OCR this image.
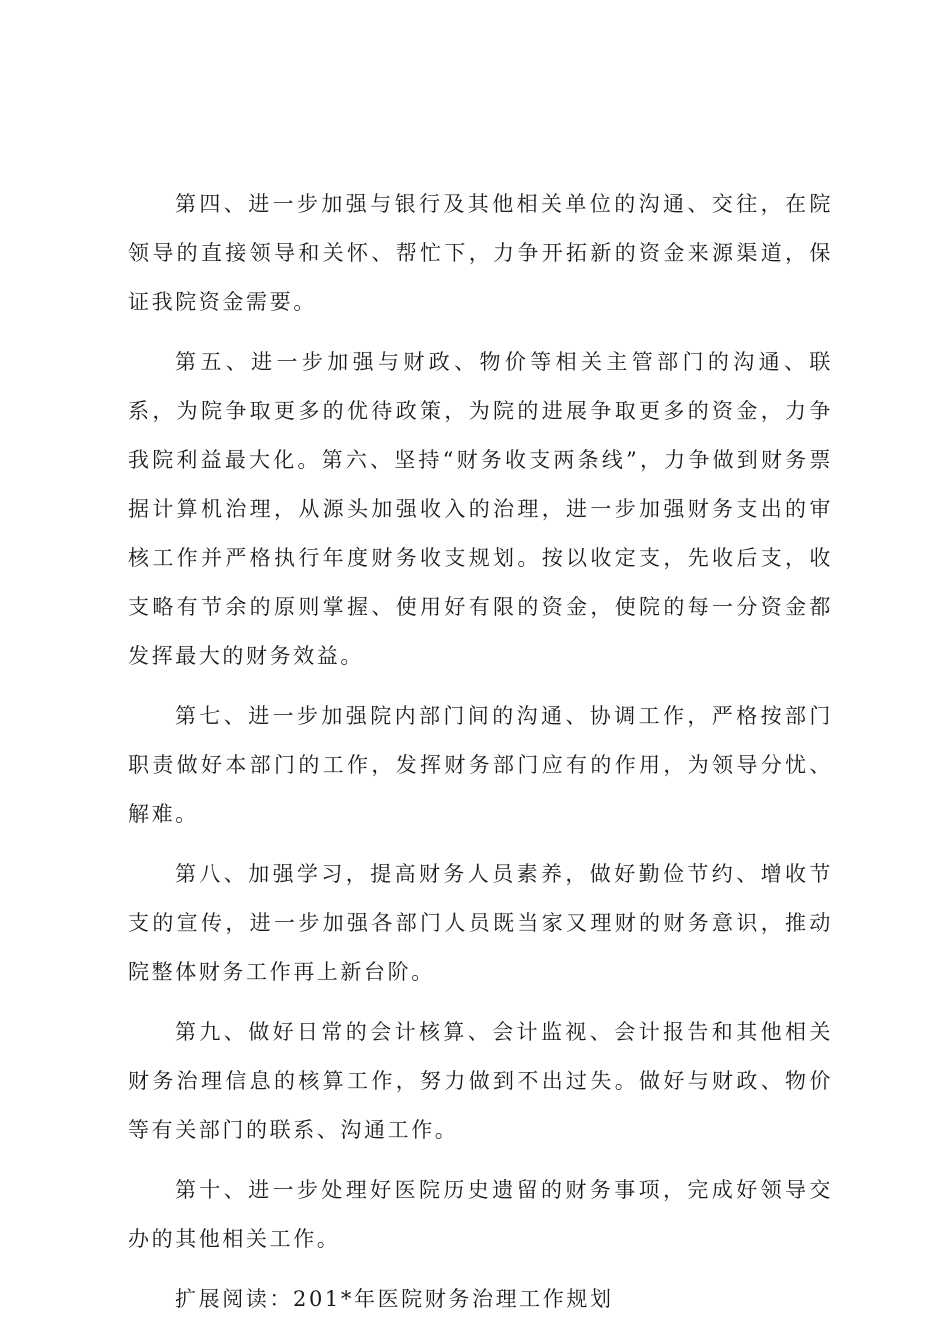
第四、进一步加强与银行及其他相关单位的沟通、交往，在院领导的直接领导和关怀、帮忙下，力争开拓新的资金来源渠道，保证我院资金需要。

第五、进一步加强与财政、物价等相关主管部门的沟通、联系，为院争取更多的优待政策，为院的进展争取更多的资金，力争我院利益最大化。第六、坚持“财务收支两条线”，力争做到财务票据计算机治理，从源头加强收入的治理，进一步加强财务支出的审核工作并严格执行年度财务收支规划。按以收定支，先收后支，收支略有节余的原则掌握、使用好有限的资金，使院的每一分资金都发挥最大的财务效益。

第七、进一步加强院内部门间的沟通、协调工作，严格按部门职责做好本部门的工作，发挥财务部门应有的作用，为领导分忧、解难。

第八、加强学习，提高财务人员素养，做好勤俭节约、增收节支的宣传，进一步加强各部门人员既当家又理财的财务意识，推动院整体财务工作再上新台阶。

第九、做好日常的会计核算、会计监视、会计报告和其他相关财务治理信息的核算工作，努力做到不出过失。做好与财政、物价等有关部门的联系、沟通工作。

第十、进一步处理好医院历史遗留的财务事项，完成好领导交办的其他相关工作。

扩展阅读：201*年医院财务治理工作规划
